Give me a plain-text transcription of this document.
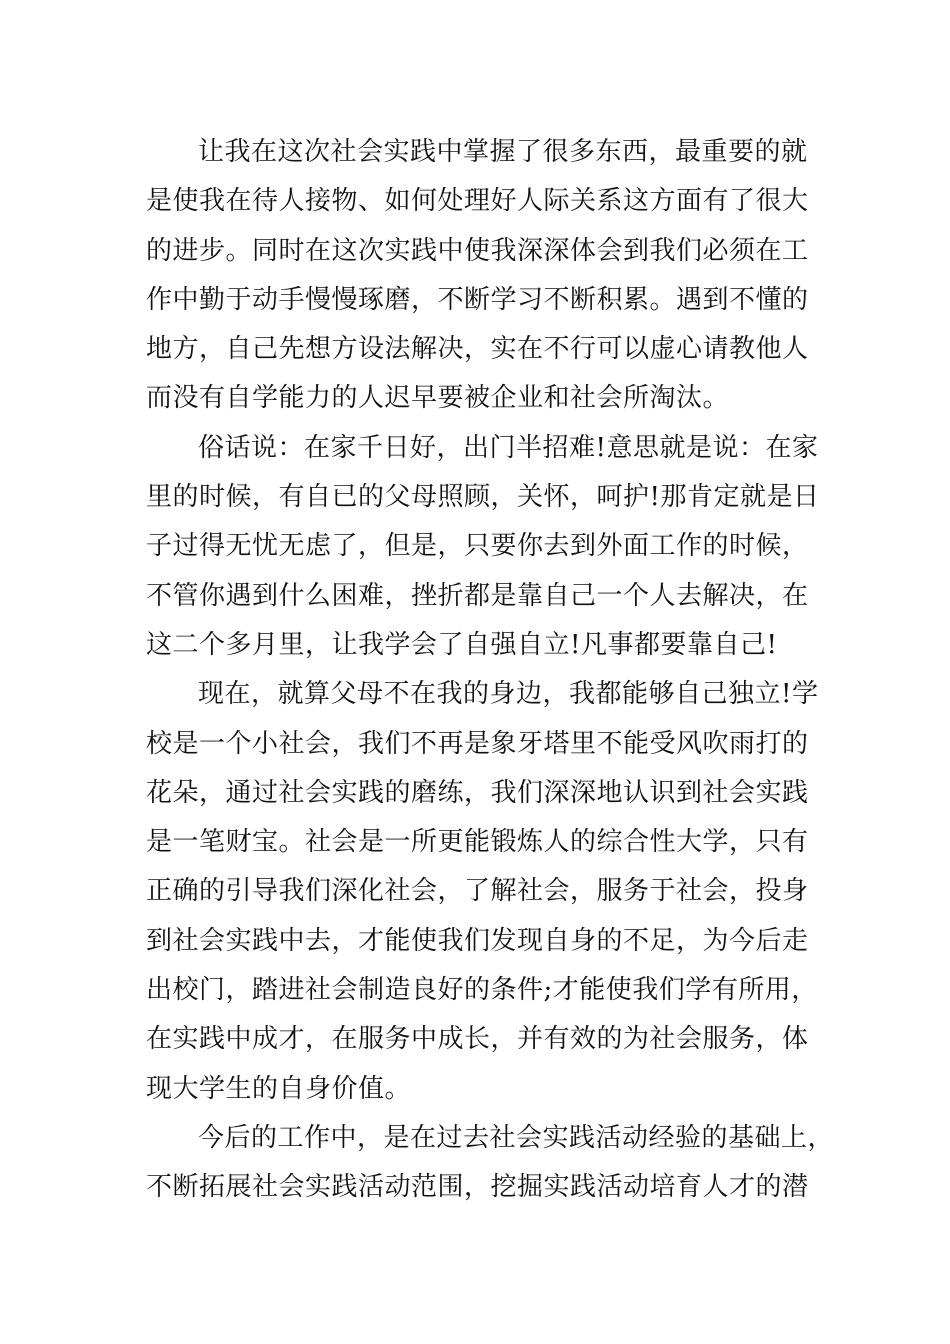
让我在这次社会实践中掌握了很多东西，最重要的就
是使我在待人接物、如何处理好人际关系这方面有了很大
的进步。同时在这次实践中使我深深体会到我们必须在工
作中勤于动手慢慢琢磨，不断学习不断积累。遇到不懂的
地方，自己先想方设法解决，实在不行可以虚心请教他人
而没有自学能力的人迟早要被企业和社会所淘汰。
俗话说：在家千日好，出门半招难!意思就是说：在家
里的时候，有自已的父母照顾，关怀，呵护!那肯定就是日
子过得无忧无虑了，但是，只要你去到外面工作的时候，
不管你遇到什么困难，挫折都是靠自己一个人去解决，在
这二个多月里，让我学会了自强自立!凡事都要靠自己!
现在，就算父母不在我的身边，我都能够自己独立!学
校是一个小社会，我们不再是象牙塔里不能受风吹雨打的
花朵，通过社会实践的磨练，我们深深地认识到社会实践
是一笔财宝。社会是一所更能锻炼人的综合性大学，只有
正确的引导我们深化社会，了解社会，服务于社会，投身
到社会实践中去，才能使我们发现自身的不足，为今后走
出校门，踏进社会制造良好的条件;才能使我们学有所用，
在实践中成才，在服务中成长，并有效的为社会服务，体
现大学生的自身价值。
今后的工作中，是在过去社会实践活动经验的基础上，
不断拓展社会实践活动范围，挖掘实践活动培育人才的潜
